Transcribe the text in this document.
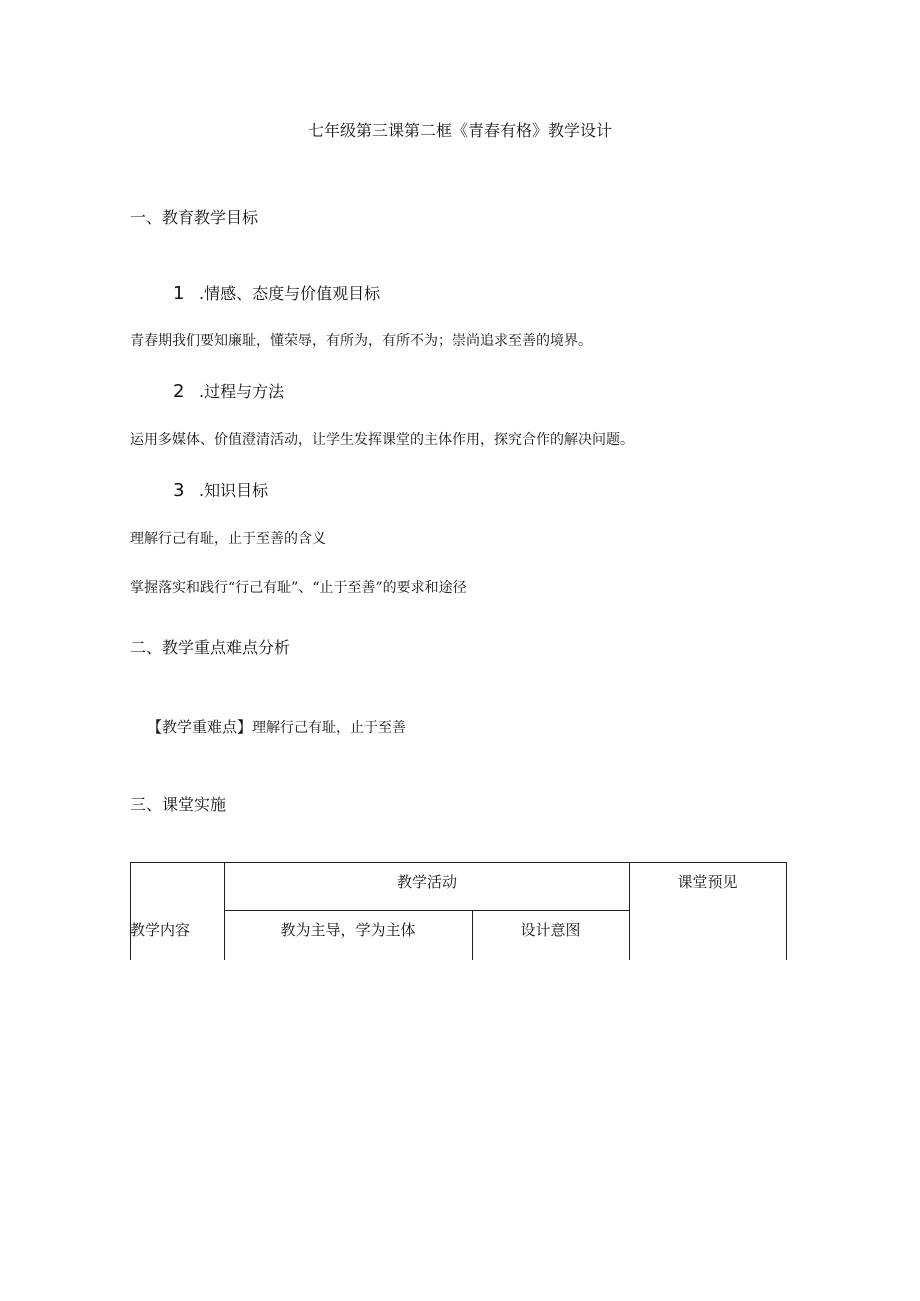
七年级第三课第二框《青春有格》教学设计
一、教育教学目标
1 .情感、态度与价值观目标
青春期我们要知廉耻，懂荣辱，有所为，有所不为；崇尚追求至善的境界。
2 .过程与方法
运用多媒体、价值澄清活动，让学生发挥课堂的主体作用，探究合作的解决问题。
3 .知识目标
理解行己有耻，止于至善的含义
掌握落实和践行“行己有耻”、“止于至善”的要求和途径
二、教学重点难点分析
【教学重难点】理解行己有耻，止于至善
三、课堂实施
教学内容
教学活动	课堂预见
教为主导，学为主体	设计意图
